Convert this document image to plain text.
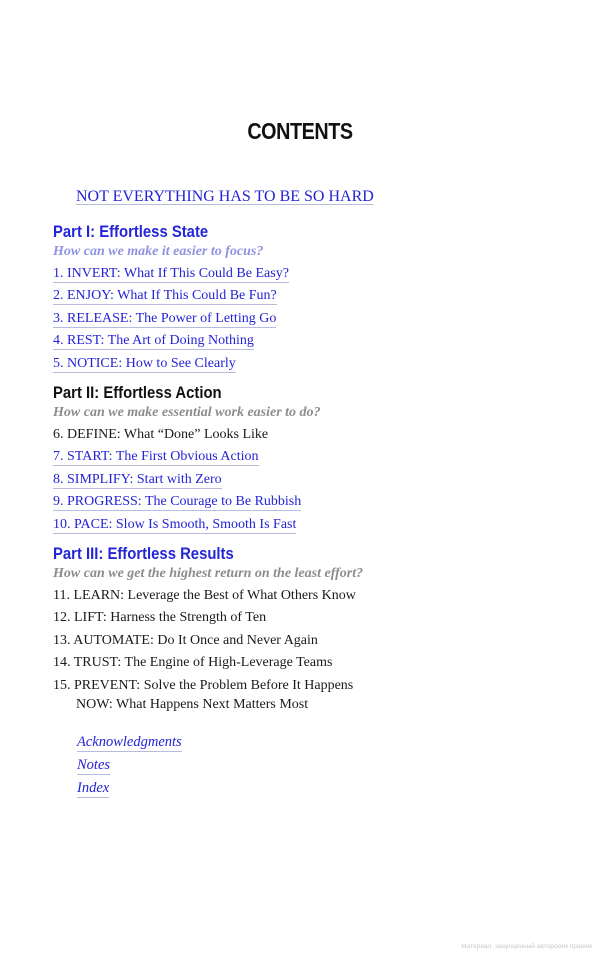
CONTENTS
NOT EVERYTHING HAS TO BE SO HARD
Part I: Effortless State
How can we make it easier to focus?
1. INVERT: What If This Could Be Easy?
2. ENJOY: What If This Could Be Fun?
3. RELEASE: The Power of Letting Go
4. REST: The Art of Doing Nothing
5. NOTICE: How to See Clearly
Part II: Effortless Action
How can we make essential work easier to do?
6. DEFINE: What “Done” Looks Like
7. START: The First Obvious Action
8. SIMPLIFY: Start with Zero
9. PROGRESS: The Courage to Be Rubbish
10. PACE: Slow Is Smooth, Smooth Is Fast
Part III: Effortless Results
How can we get the highest return on the least effort?
11. LEARN: Leverage the Best of What Others Know
12. LIFT: Harness the Strength of Ten
13. AUTOMATE: Do It Once and Never Again
14. TRUST: The Engine of High-Leverage Teams
15. PREVENT: Solve the Problem Before It Happens
NOW: What Happens Next Matters Most
Acknowledgments
Notes
Index
Материал, защищенный авторским правом
